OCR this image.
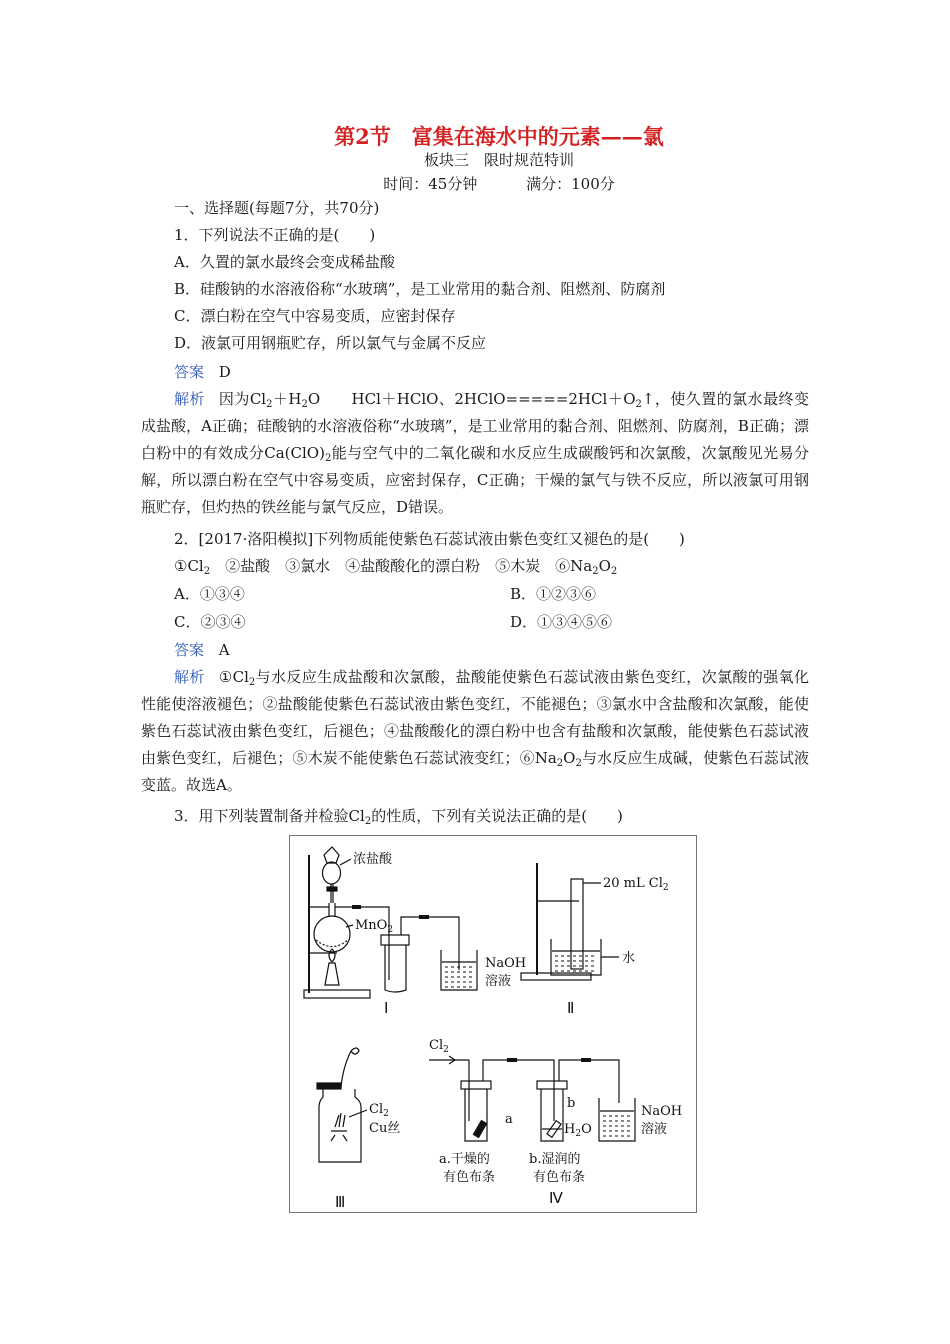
第2节　富集在海水中的元素——氯
板块三　限时规范特训
时间：45分钟	满分：100分
一、选择题(每题7分，共70分)
1．下列说法不正确的是(　　)
A．久置的氯水最终会变成稀盐酸
B．硅酸钠的水溶液俗称“水玻璃”，是工业常用的黏合剂、阻燃剂、防腐剂
C．漂白粉在空气中容易变质，应密封保存
D．液氯可用钢瓶贮存，所以氯气与金属不反应
答案 D
解析 因为$Cl_2+H_2O$　　HCl＋HClO、$2HClO=====2HCl+O_2↑$，使久置的氯水最终变成盐酸，A正确；硅酸钠的水溶液俗称“水玻璃”，是工业常用的黏合剂、阻燃剂、防腐剂，B正确；漂白粉中的有效成分$Ca(ClO)_2$能与空气中的二氧化碳和水反应生成碳酸钙和次氯酸，次氯酸见光易分解，所以漂白粉在空气中容易变质，应密封保存，C正确；干燥的氯气与铁不反应，所以液氯可用钢瓶贮存，但灼热的铁丝能与氯气反应，D错误。
2．[2017·洛阳模拟]下列物质能使紫色石蕊试液由紫色变红又褪色的是(　　)
$①Cl_2$　②盐酸　③氯水　④盐酸酸化的漂白粉　⑤木炭　$⑥Na_2O_2$
A．①③④	B．①②③⑥
C．②③④	D．①③④⑤⑥
答案 A
解析 $①Cl_2$与水反应生成盐酸和次氯酸，盐酸能使紫色石蕊试液由紫色变红，次氯酸的强氧化性能使溶液褪色；②盐酸能使紫色石蕊试液由紫色变红，不能褪色；③氯水中含盐酸和次氯酸，能使紫色石蕊试液由紫色变红，后褪色；④盐酸酸化的漂白粉中也含有盐酸和次氯酸，能使紫色石蕊试液由紫色变红，后褪色；⑤木炭不能使紫色石蕊试液变红；$⑥Na_2O_2$与水反应生成碱，使紫色石蕊试液变蓝。故选A。
3．用下列装置制备并检验$Cl_2$的性质，下列有关说法正确的是(　　)
浓盐酸
MnO$_2$
NaOH
溶液
Ⅰ
20 mL $Cl_2$
水
Ⅱ
$Cl_2$
Cu丝
Ⅲ
$Cl_2$
a
b
$H_2O$
NaOH
溶液
a.干燥的
有色布条
b.湿润的
有色布条
Ⅳ
